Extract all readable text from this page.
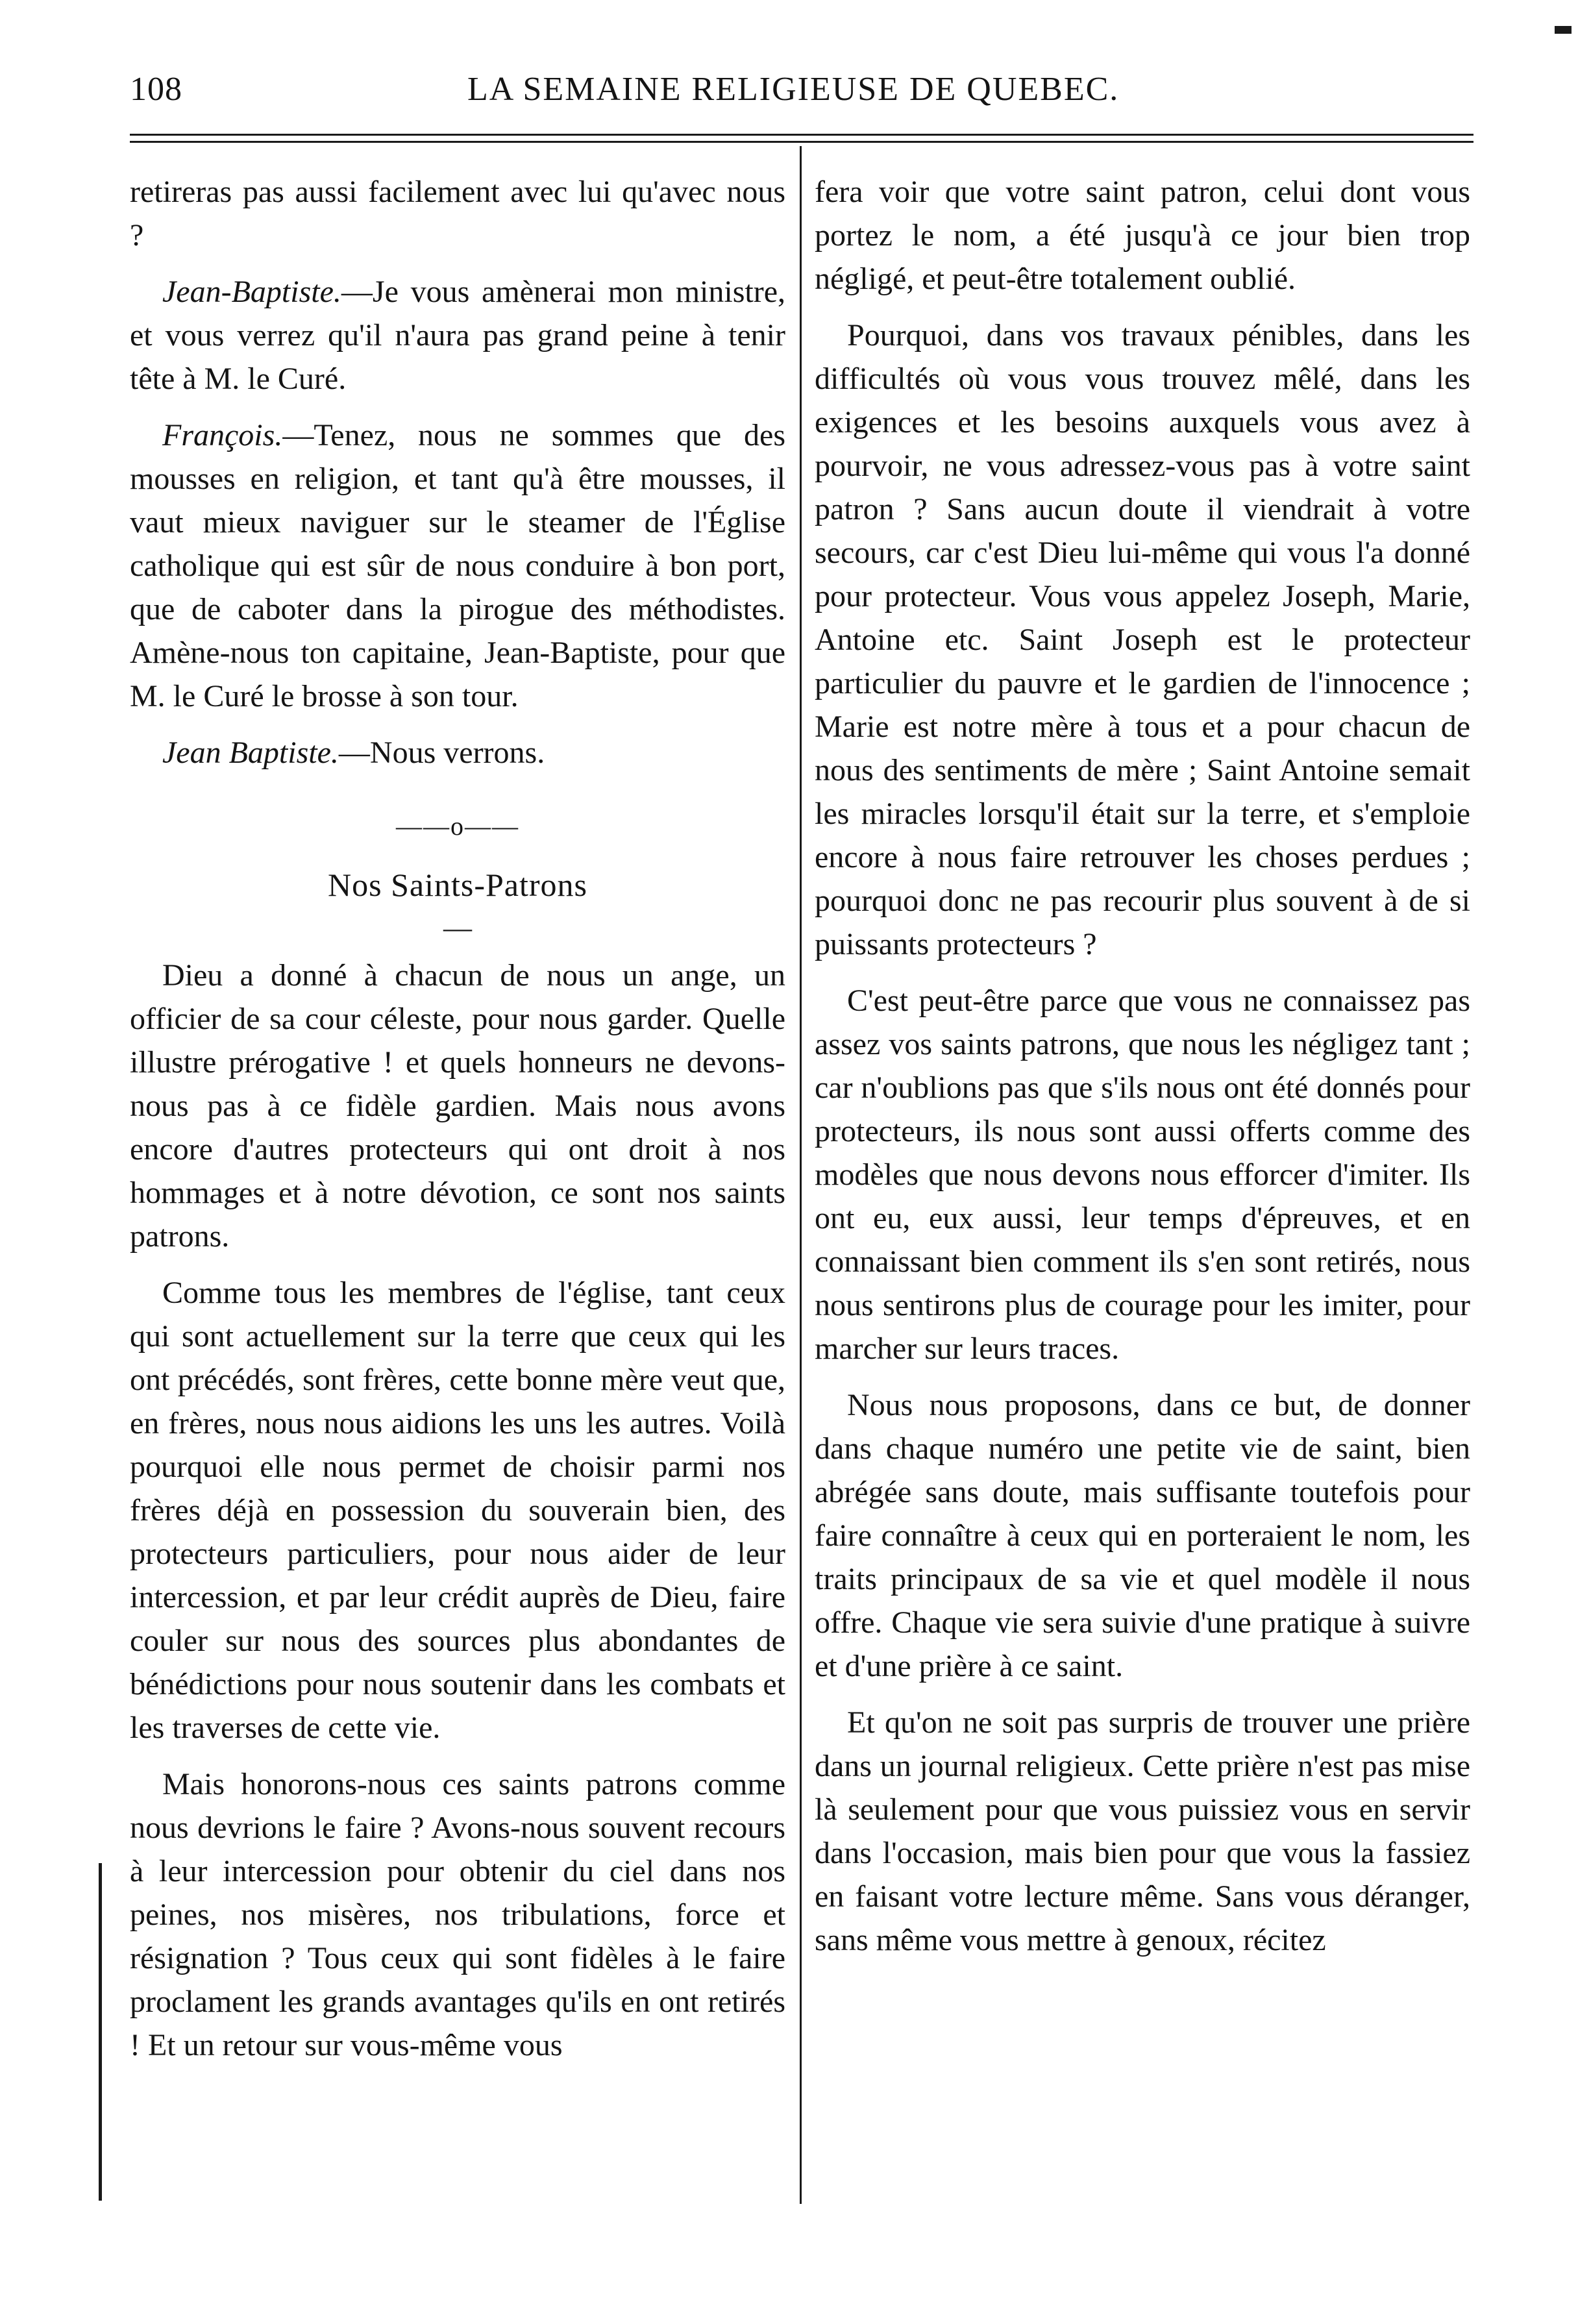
108	LA SEMAINE RELIGIEUSE DE QUEBEC.

retireras pas aussi facilement avec lui qu'avec nous ?

Jean-Baptiste.—Je vous amènerai mon ministre, et vous verrez qu'il n'aura pas grand peine à tenir tête à M. le Curé.

François.—Tenez, nous ne sommes que des mousses en religion, et tant qu'à être mousses, il vaut mieux naviguer sur le steamer de l'Église catholique qui est sûr de nous conduire à bon port, que de caboter dans la pirogue des méthodistes. Amène-nous ton capitaine, Jean-Baptiste, pour que M. le Curé le brosse à son tour.

Jean Baptiste.—Nous verrons.

——o——
Nos Saints-Patrons
—

Dieu a donné à chacun de nous un ange, un officier de sa cour céleste, pour nous garder. Quelle illustre prérogative ! et quels honneurs ne devons-nous pas à ce fidèle gardien. Mais nous avons encore d'autres protecteurs qui ont droit à nos hommages et à notre dévotion, ce sont nos saints patrons.

Comme tous les membres de l'église, tant ceux qui sont actuellement sur la terre que ceux qui les ont précédés, sont frères, cette bonne mère veut que, en frères, nous nous aidions les uns les autres. Voilà pourquoi elle nous permet de choisir parmi nos frères déjà en possession du souverain bien, des protecteurs particuliers, pour nous aider de leur intercession, et par leur crédit auprès de Dieu, faire couler sur nous des sources plus abondantes de bénédictions pour nous soutenir dans les combats et les traverses de cette vie.

Mais honorons-nous ces saints patrons comme nous devrions le faire ? Avons-nous souvent recours à leur intercession pour obtenir du ciel dans nos peines, nos misères, nos tribulations, force et résignation ? Tous ceux qui sont fidèles à le faire proclament les grands avantages qu'ils en ont retirés ! Et un retour sur vous-même vous

fera voir que votre saint patron, celui dont vous portez le nom, a été jusqu'à ce jour bien trop négligé, et peut-être totalement oublié.

Pourquoi, dans vos travaux pénibles, dans les difficultés où vous vous trouvez mêlé, dans les exigences et les besoins auxquels vous avez à pourvoir, ne vous adressez-vous pas à votre saint patron ? Sans aucun doute il viendrait à votre secours, car c'est Dieu lui-même qui vous l'a donné pour protecteur. Vous vous appelez Joseph, Marie, Antoine etc. Saint Joseph est le protecteur particulier du pauvre et le gardien de l'innocence ; Marie est notre mère à tous et a pour chacun de nous des sentiments de mère ; Saint Antoine semait les miracles lorsqu'il était sur la terre, et s'emploie encore à nous faire retrouver les choses perdues ; pourquoi donc ne pas recourir plus souvent à de si puissants protecteurs ?

C'est peut-être parce que vous ne connaissez pas assez vos saints patrons, que nous les négligez tant ; car n'oublions pas que s'ils nous ont été donnés pour protecteurs, ils nous sont aussi offerts comme des modèles que nous devons nous efforcer d'imiter. Ils ont eu, eux aussi, leur temps d'épreuves, et en connaissant bien comment ils s'en sont retirés, nous nous sentirons plus de courage pour les imiter, pour marcher sur leurs traces.

Nous nous proposons, dans ce but, de donner dans chaque numéro une petite vie de saint, bien abrégée sans doute, mais suffisante toutefois pour faire connaître à ceux qui en porteraient le nom, les traits principaux de sa vie et quel modèle il nous offre. Chaque vie sera suivie d'une pratique à suivre et d'une prière à ce saint.

Et qu'on ne soit pas surpris de trouver une prière dans un journal religieux. Cette prière n'est pas mise là seulement pour que vous puissiez vous en servir dans l'occasion, mais bien pour que vous la fassiez en faisant votre lecture même. Sans vous déranger, sans même vous mettre à genoux, récitez
